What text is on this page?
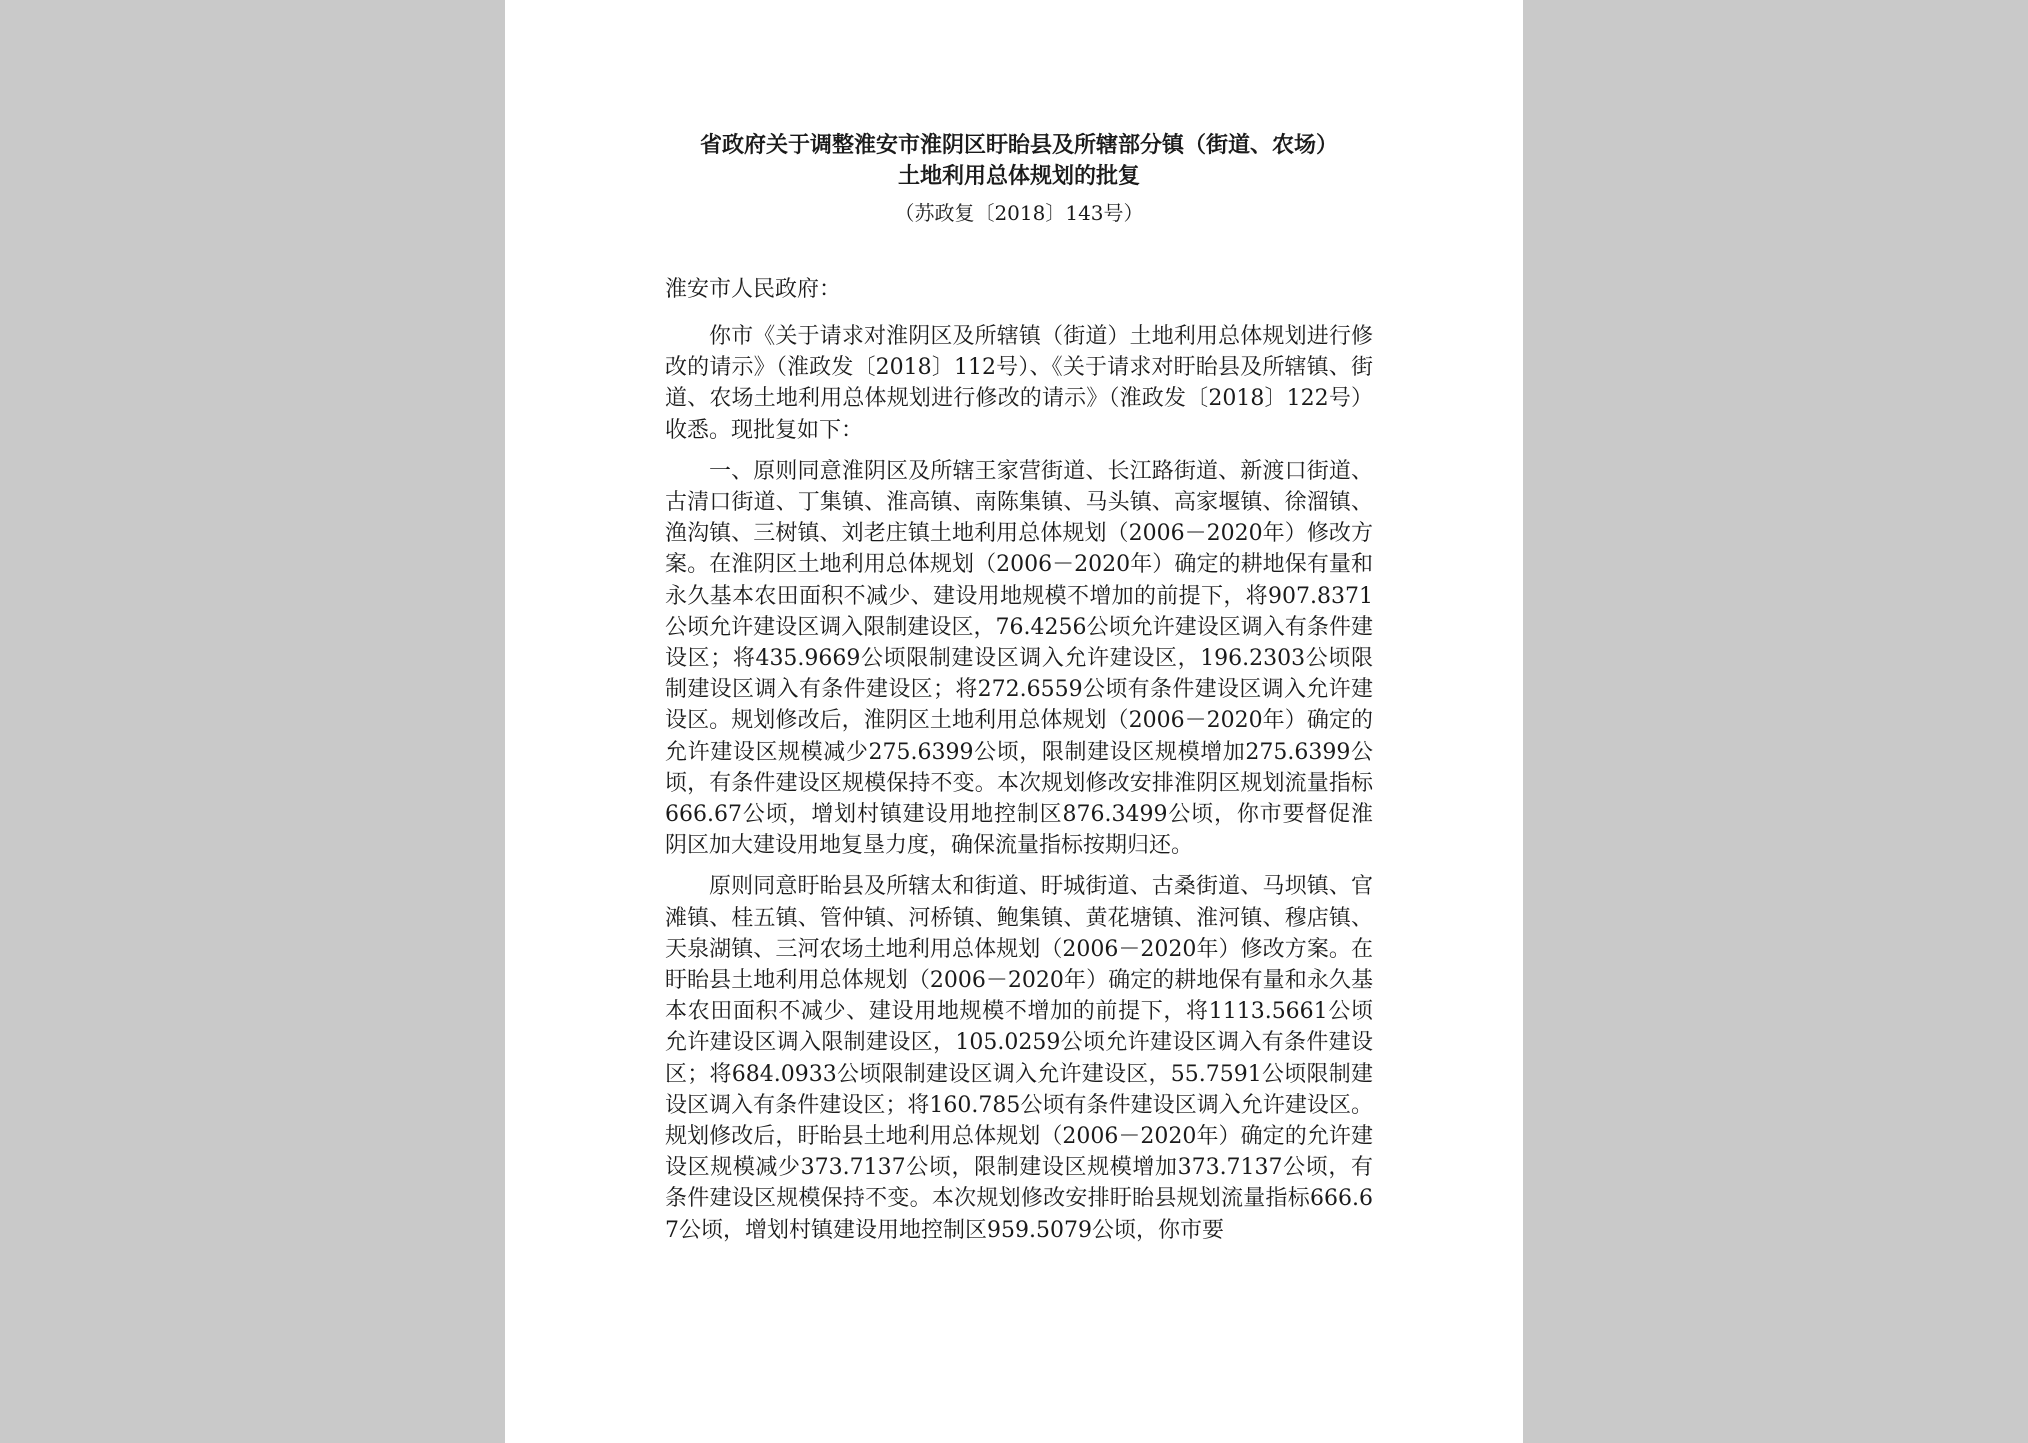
省政府关于调整淮安市淮阴区盱眙县及所辖部分镇（街道、农场）
土地利用总体规划的批复

（苏政复〔2018〕143号）

淮安市人民政府：

你市《关于请求对淮阴区及所辖镇（街道）土地利用总体规划进行修改的请示》（淮政发〔2018〕112号）、《关于请求对盱眙县及所辖镇、街道、农场土地利用总体规划进行修改的请示》（淮政发〔2018〕122号）收悉。现批复如下：

一、原则同意淮阴区及所辖王家营街道、长江路街道、新渡口街道、古清口街道、丁集镇、淮高镇、南陈集镇、马头镇、高家堰镇、徐溜镇、渔沟镇、三树镇、刘老庄镇土地利用总体规划（2006－2020年）修改方案。在淮阴区土地利用总体规划（2006－2020年）确定的耕地保有量和永久基本农田面积不减少、建设用地规模不增加的前提下，将907.8371公顷允许建设区调入限制建设区，76.4256公顷允许建设区调入有条件建设区；将435.9669公顷限制建设区调入允许建设区，196.2303公顷限制建设区调入有条件建设区；将272.6559公顷有条件建设区调入允许建设区。规划修改后，淮阴区土地利用总体规划（2006－2020年）确定的允许建设区规模减少275.6399公顷，限制建设区规模增加275.6399公顷，有条件建设区规模保持不变。本次规划修改安排淮阴区规划流量指标666.67公顷，增划村镇建设用地控制区876.3499公顷，你市要督促淮阴区加大建设用地复垦力度，确保流量指标按期归还。

原则同意盱眙县及所辖太和街道、盱城街道、古桑街道、马坝镇、官滩镇、桂五镇、管仲镇、河桥镇、鲍集镇、黄花塘镇、淮河镇、穆店镇、天泉湖镇、三河农场土地利用总体规划（2006－2020年）修改方案。在盱眙县土地利用总体规划（2006－2020年）确定的耕地保有量和永久基本农田面积不减少、建设用地规模不增加的前提下，将1113.5661公顷允许建设区调入限制建设区，105.0259公顷允许建设区调入有条件建设区；将684.0933公顷限制建设区调入允许建设区，55.7591公顷限制建设区调入有条件建设区；将160.785公顷有条件建设区调入允许建设区。规划修改后，盱眙县土地利用总体规划（2006－2020年）确定的允许建设区规模减少373.7137公顷，限制建设区规模增加373.7137公顷，有条件建设区规模保持不变。本次规划修改安排盱眙县规划流量指标666.67公顷，增划村镇建设用地控制区959.5079公顷，你市要
